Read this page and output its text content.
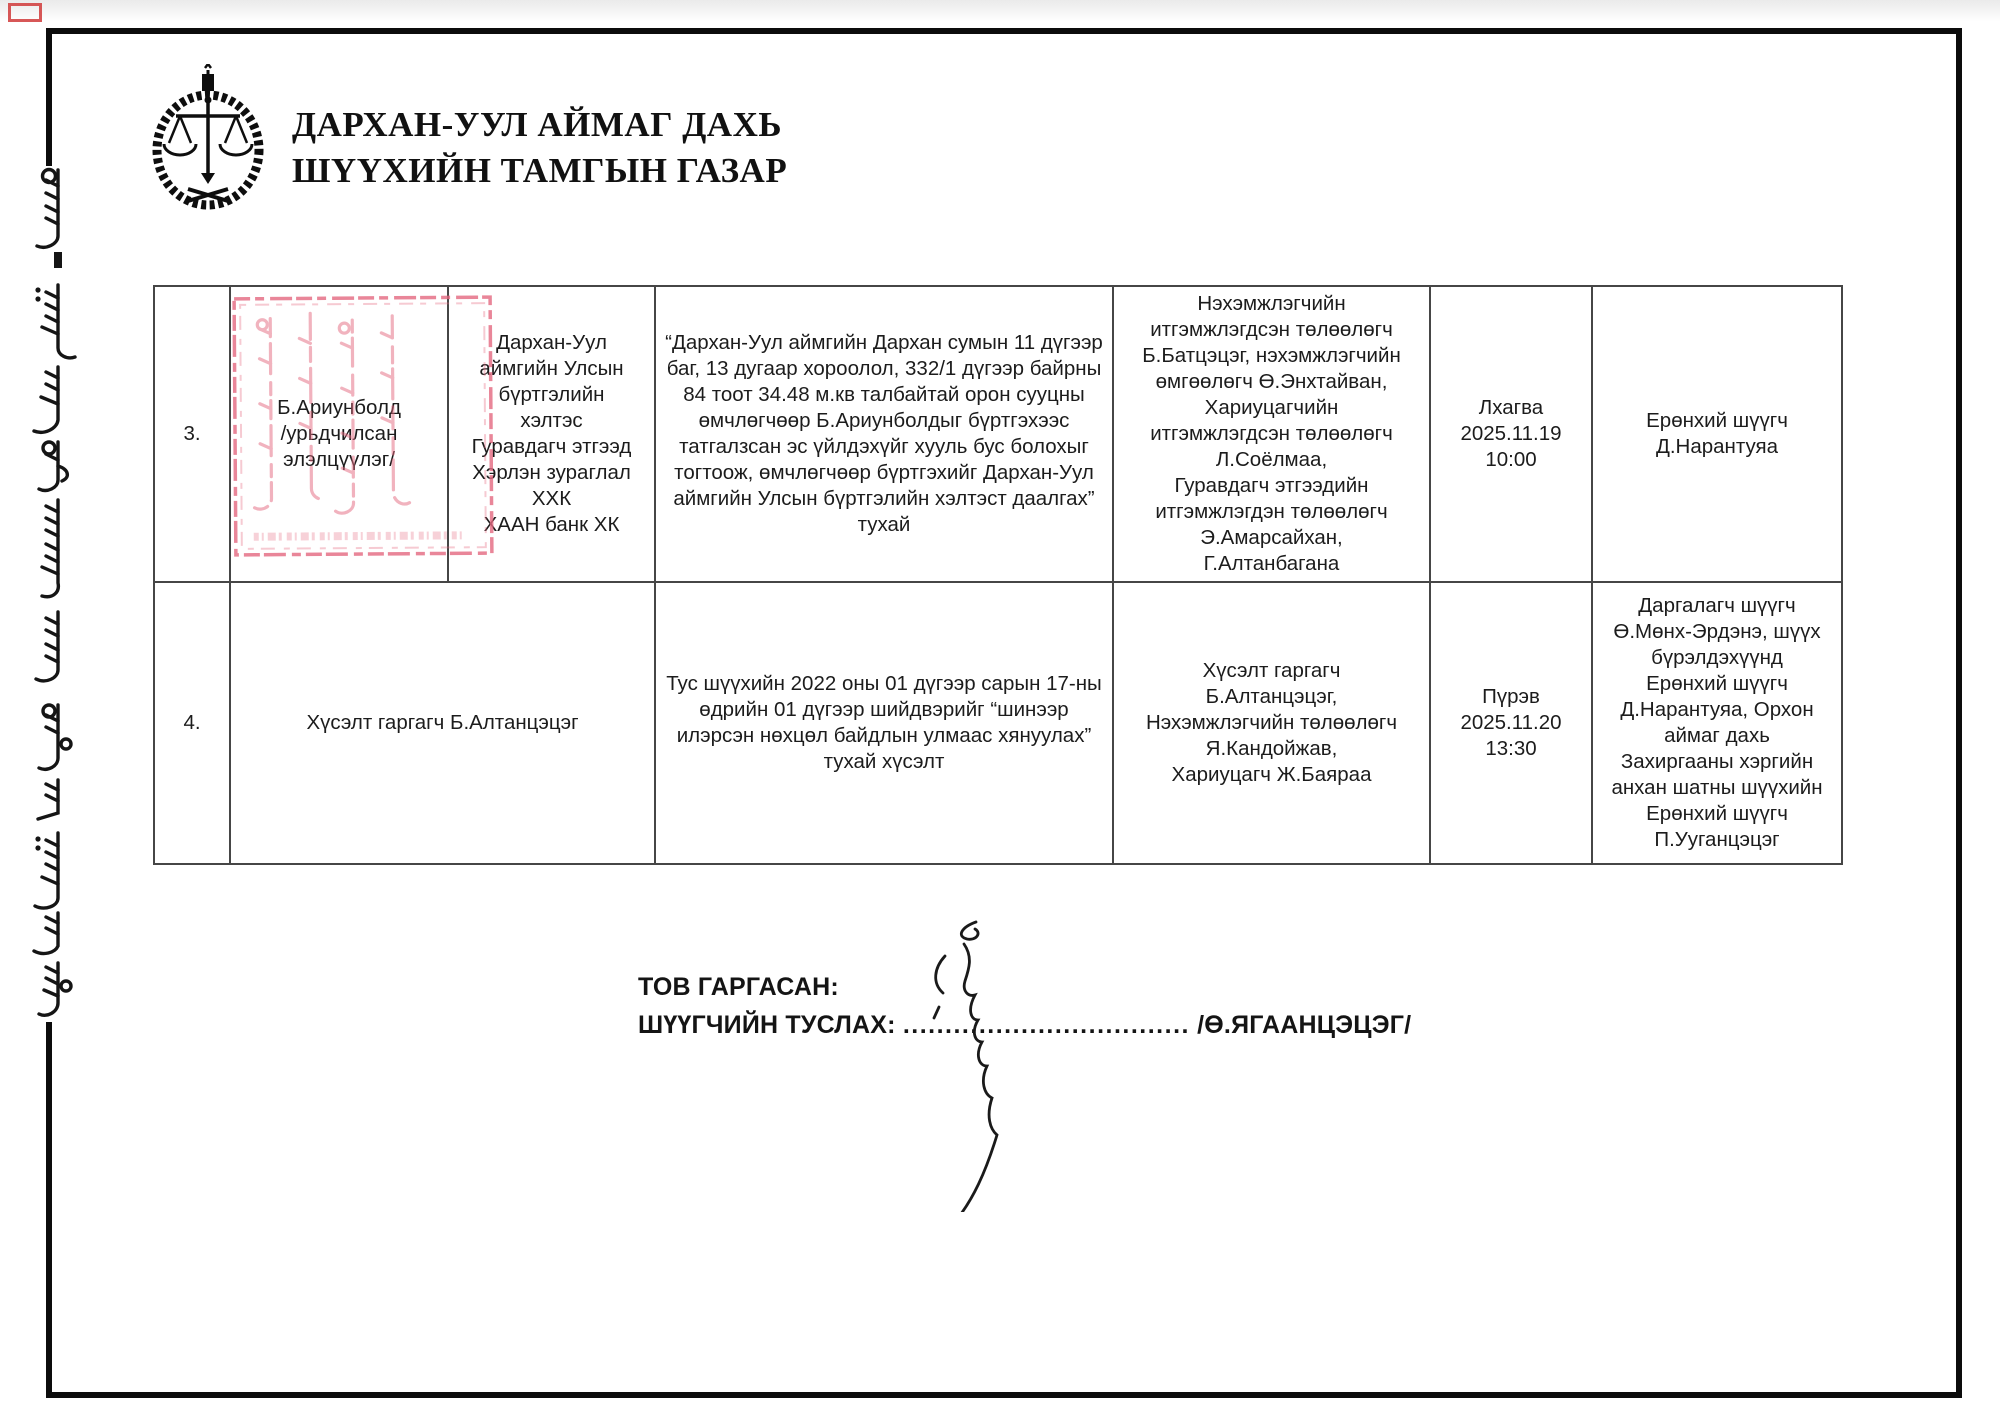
ДАРХАН-УУЛ АЙМАГ ДАХЬ
ШҮҮХИЙН ТАМГЫН ГАЗАР
3.	Б.Ариунболд
/урьдчилсан
элэлцүүлэг/	Дархан-Уул
аймгийн Улсын
бүртгэлийн
хэлтэс
Гуравдагч этгээд
Хэрлэн зураглал
ХХК
ХААН банк ХК	“Дархан-Уул аймгийн Дархан сумын 11 дүгээр баг, 13 дугаар хороолол, 332/1 дүгээр байрны 84 тоот 34.48 м.кв талбайтай орон сууцны өмчлөгчөөр Б.Ариунболдыг бүртгэхээс татгалзсан эс үйлдэхүйг хууль бус болохыг тогтоож, өмчлөгчөөр бүртгэхийг Дархан-Уул аймгийн Улсын бүртгэлийн хэлтэст даалгах” тухай	Нэхэмжлэгчийн
итгэмжлэгдсэн төлөөлөгч
Б.Батцэцэг, нэхэмжлэгчийн
өмгөөлөгч Ө.Энхтайван,
Хариуцагчийн
итгэмжлэгдсэн төлөөлөгч
Л.Соёлмаа,
Гуравдагч этгээдийн
итгэмжлэгдэн төлөөлөгч
Э.Амарсайхан,
Г.Алтанбагана	Лхагва
2025.11.19
10:00	Ерөнхий шүүгч
Д.Нарантуяа
4.	Хүсэлт гаргагч Б.Алтанцэцэг	Тус шүүхийн 2022 оны 01 дүгээр сарын 17-ны өдрийн 01 дүгээр шийдвэрийг “шинээр илэрсэн нөхцөл байдлын улмаас хянуулах” тухай хүсэлт	Хүсэлт гаргагч
Б.Алтанцэцэг,
Нэхэмжлэгчийн төлөөлөгч
Я.Кандойжав,
Хариуцагч Ж.Баяраа	Пүрэв
2025.11.20
13:30	Даргалагч шүүгч
Ө.Мөнх-Эрдэнэ, шүүх
бүрэлдэхүүнд
Ерөнхий шүүгч
Д.Нарантуяа, Орхон
аймаг дахь
Захиргааны хэргийн
анхан шатны шүүхийн
Ерөнхий шүүгч
П.Ууганцэцэг
ТОВ ГАРГАСАН:
ШҮҮГЧИЙН ТУСЛАХ: .................................. /Ө.ЯГААНЦЭЦЭГ/
